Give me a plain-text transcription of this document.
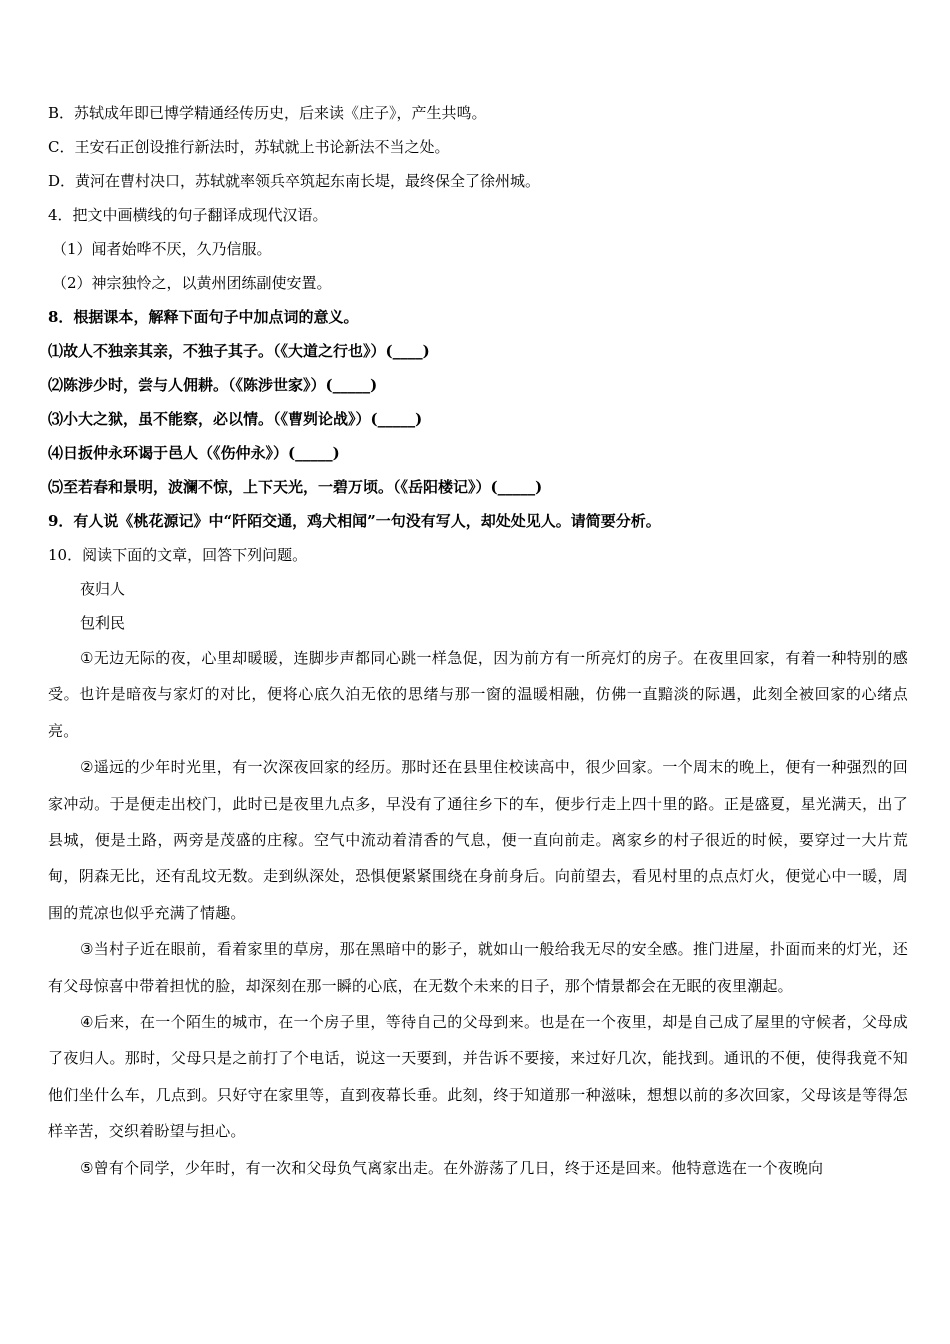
B．苏轼成年即已博学精通经传历史，后来读《庄子》，产生共鸣。
C．王安石正创设推行新法时，苏轼就上书论新法不当之处。
D．黄河在曹村决口，苏轼就率领兵卒筑起东南长堤，最终保全了徐州城。
4．把文中画横线的句子翻译成现代汉语。
（1）闻者始哗不厌，久乃信服。
（2）神宗独怜之，以黄州团练副使安置。
8．根据课本，解释下面句子中加点词的意义。
⑴故人不独亲其亲，不独子其子。（《大道之行也》）(____)
⑵陈涉少时，尝与人佣耕。（《陈涉世家》）(_____)
⑶小大之狱，虽不能察，必以情。（《曹刿论战》）(_____)
⑷日扳仲永环谒于邑人（《伤仲永》）(_____)
⑸至若春和景明，波澜不惊，上下天光，一碧万顷。（《岳阳楼记》）(_____)
9．有人说《桃花源记》中“阡陌交通，鸡犬相闻”一句没有写人，却处处见人。请简要分析。
10．阅读下面的文章，回答下列问题。
夜归人
包利民
①无边无际的夜，心里却暖暖，连脚步声都同心跳一样急促，因为前方有一所亮灯的房子。在夜里回家，有着一种特别的感受。也许是暗夜与家灯的对比，便将心底久泊无依的思绪与那一窗的温暖相融，仿佛一直黯淡的际遇，此刻全被回家的心绪点亮。
②遥远的少年时光里，有一次深夜回家的经历。那时还在县里住校读高中，很少回家。一个周末的晚上，便有一种强烈的回家冲动。于是便走出校门，此时已是夜里九点多，早没有了通往乡下的车，便步行走上四十里的路。正是盛夏，星光满天，出了县城，便是土路，两旁是茂盛的庄稼。空气中流动着清香的气息，便一直向前走。离家乡的村子很近的时候，要穿过一大片荒甸，阴森无比，还有乱坟无数。走到纵深处，恐惧便紧紧围绕在身前身后。向前望去，看见村里的点点灯火，便觉心中一暖，周围的荒凉也似乎充满了情趣。
③当村子近在眼前，看着家里的草房，那在黑暗中的影子，就如山一般给我无尽的安全感。推门进屋，扑面而来的灯光，还有父母惊喜中带着担忧的脸，却深刻在那一瞬的心底，在无数个未来的日子，那个情景都会在无眠的夜里潮起。
④后来，在一个陌生的城市，在一个房子里，等待自己的父母到来。也是在一个夜里，却是自己成了屋里的守候者，父母成了夜归人。那时，父母只是之前打了个电话，说这一天要到，并告诉不要接，来过好几次，能找到。通讯的不便，使得我竟不知他们坐什么车，几点到。只好守在家里等，直到夜幕长垂。此刻，终于知道那一种滋味，想想以前的多次回家，父母该是等得怎样辛苦，交织着盼望与担心。
⑤曾有个同学，少年时，有一次和父母负气离家出走。在外游荡了几日，终于还是回来。他特意选在一个夜晚向
